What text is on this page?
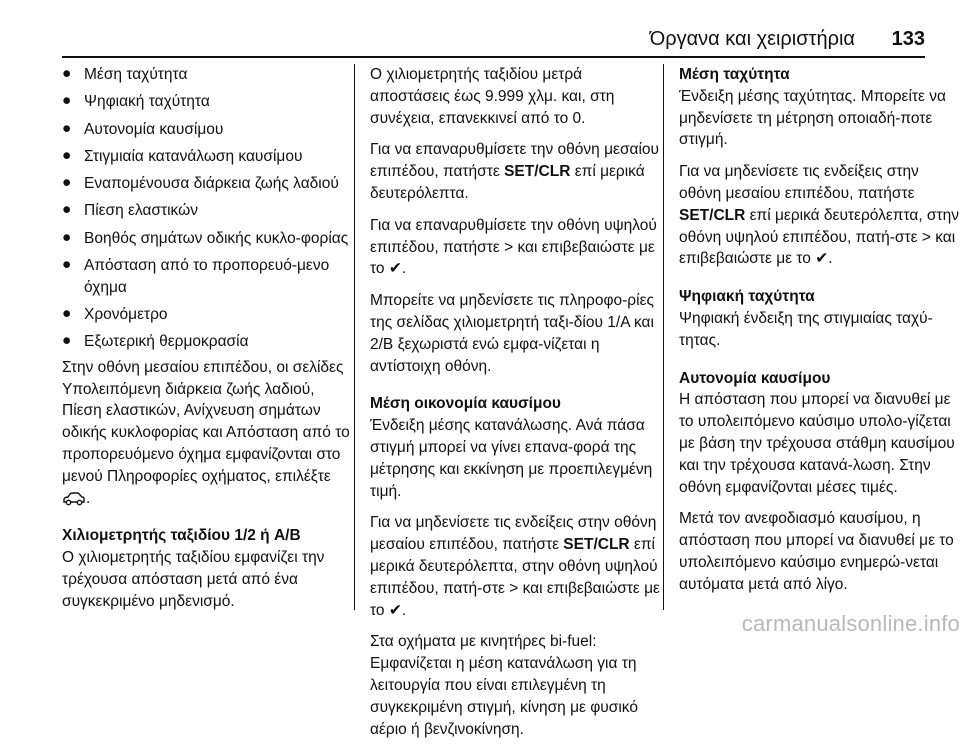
Όργανα και χειριστήρια 133
● Μέση ταχύτητα
● Ψηφιακή ταχύτητα
● Αυτονομία καυσίμου
● Στιγμιαία κατανάλωση καυσίμου
● Εναπομένουσα διάρκεια ζωής λαδιού
● Πίεση ελαστικών
● Βοηθός σημάτων οδικής κυκλο-φορίας
● Απόσταση από το προπορευό-μενο όχημα
● Χρονόμετρο
● Εξωτερική θερμοκρασία

Στην οθόνη μεσαίου επιπέδου, οι σελίδες Υπολειπόμενη διάρκεια ζωής λαδιού, Πίεση ελαστικών, Ανίχνευση σημάτων οδικής κυκλοφορίας και Απόσταση από το προπορευόμενο όχημα εμφανίζονται στο μενού Πληροφορίες οχήματος, επιλέξτε .

Χιλιομετρητής ταξιδίου 1/2 ή A/B

Ο χιλιομετρητής ταξιδίου εμφανίζει την τρέχουσα απόσταση μετά από ένα συγκεκριμένο μηδενισμό.

Ο χιλιομετρητής ταξιδίου μετρά αποστάσεις έως 9.999 χλμ. και, στη συνέχεια, επανεκκινεί από το 0.

Για να επαναρυθμίσετε την οθόνη μεσαίου επιπέδου, πατήστε SET/CLR επί μερικά δευτερόλεπτα.

Για να επαναρυθμίσετε την οθόνη υψηλού επιπέδου, πατήστε > και επιβεβαιώστε με το ✔.

Μπορείτε να μηδενίσετε τις πληροφο-ρίες της σελίδας χιλιομετρητή ταξι-δίου 1/A και 2/B ξεχωριστά ενώ εμφα-νίζεται η αντίστοιχη οθόνη.

Μέση οικονομία καυσίμου

Ένδειξη μέσης κατανάλωσης. Ανά πάσα στιγμή μπορεί να γίνει επανα-φορά της μέτρησης και εκκίνηση με προεπιλεγμένη τιμή.

Για να μηδενίσετε τις ενδείξεις στην οθόνη μεσαίου επιπέδου, πατήστε SET/CLR επί μερικά δευτερόλεπτα, στην οθόνη υψηλού επιπέδου, πατή-στε > και επιβεβαιώστε με το ✔.

Στα οχήματα με κινητήρες bi-fuel: Εμφανίζεται η μέση κατανάλωση για τη λειτουργία που είναι επιλεγμένη τη συγκεκριμένη στιγμή, κίνηση με φυσικό αέριο ή βενζινοκίνηση.

Μέση ταχύτητα

Ένδειξη μέσης ταχύτητας. Μπορείτε να μηδενίσετε τη μέτρηση οποιαδή-ποτε στιγμή.

Για να μηδενίσετε τις ενδείξεις στην οθόνη μεσαίου επιπέδου, πατήστε SET/CLR επί μερικά δευτερόλεπτα, στην οθόνη υψηλού επιπέδου, πατή-στε > και επιβεβαιώστε με το ✔.

Ψηφιακή ταχύτητα

Ψηφιακή ένδειξη της στιγμιαίας ταχύ-τητας.

Αυτονομία καυσίμου

Η απόσταση που μπορεί να διανυθεί με το υπολειπόμενο καύσιμο υπολο-γίζεται με βάση την τρέχουσα στάθμη καυσίμου και την τρέχουσα κατανά-λωση. Στην οθόνη εμφανίζονται μέσες τιμές.

Μετά τον ανεφοδιασμό καυσίμου, η απόσταση που μπορεί να διανυθεί με το υπολειπόμενο καύσιμο ενημερώ-νεται αυτόματα μετά από λίγο.

carmanualsonline.info
